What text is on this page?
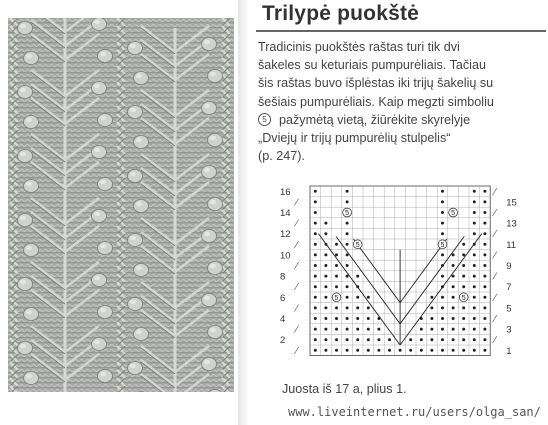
Trilypė puokštė
Tradicinis puokštės raštas turi tik dvi
šakeles su keturiais pumpurėliais. Tačiau
šis raštas buvo išplėstas iki trijų šakelių su
šešiais pumpurėliais. Kaip megzti simboliu
5 pažymėtą vietą, žiūrėkite skyrelyje
„Dviejų ir trijų pumpurėlių stulpelis“
(p. 247).
5	5
5	5
5	5
16
⁄
14
⁄
12
⁄
10
⁄
8
⁄
6
⁄
4
⁄
2
⁄
15
⁄
13
⁄
11
⁄
9
⁄
7
⁄
5
⁄
3
⁄
1
⁄
Juosta iš 17 a, plius 1.
www.liveinternet.ru/users/olga_san/
